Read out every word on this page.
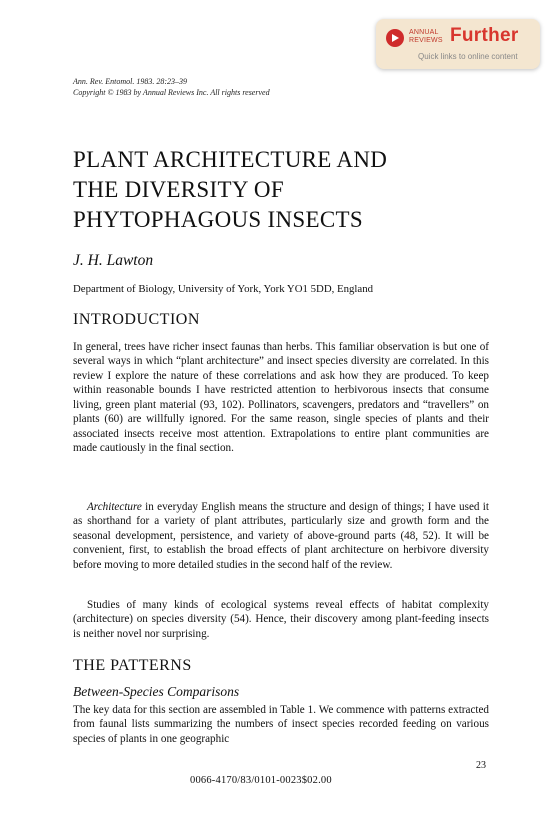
ANNUAL
REVIEWS Further
Quick links to online content
Ann. Rev. Entomol. 1983. 28:23–39
Copyright © 1983 by Annual Reviews Inc. All rights reserved
PLANT ARCHITECTURE AND
THE DIVERSITY OF
PHYTOPHAGOUS INSECTS
J. H. Lawton
Department of Biology, University of York, York YO1 5DD, England
INTRODUCTION
In general, trees have richer insect faunas than herbs. This familiar observation is but one of several ways in which “plant architecture” and insect species diversity are correlated. In this review I explore the nature of these correlations and ask how they are produced. To keep within reasonable bounds I have restricted attention to herbivorous insects that consume living, green plant material (93, 102). Pollinators, scavengers, predators and “travellers” on plants (60) are willfully ignored. For the same reason, single species of plants and their associated insects receive most attention. Extrapolations to entire plant communities are made cautiously in the final section.
Architecture in everyday English means the structure and design of things; I have used it as shorthand for a variety of plant attributes, particularly size and growth form and the seasonal development, persistence, and variety of above-ground parts (48, 52). It will be convenient, first, to establish the broad effects of plant architecture on herbivore diversity before moving to more detailed studies in the second half of the review.
Studies of many kinds of ecological systems reveal effects of habitat complexity (architecture) on species diversity (54). Hence, their discovery among plant-feeding insects is neither novel nor surprising.
THE PATTERNS
Between-Species Comparisons
The key data for this section are assembled in Table 1. We commence with patterns extracted from faunal lists summarizing the numbers of insect species recorded feeding on various species of plants in one geographic
23
0066-4170/83/0101-0023$02.00
